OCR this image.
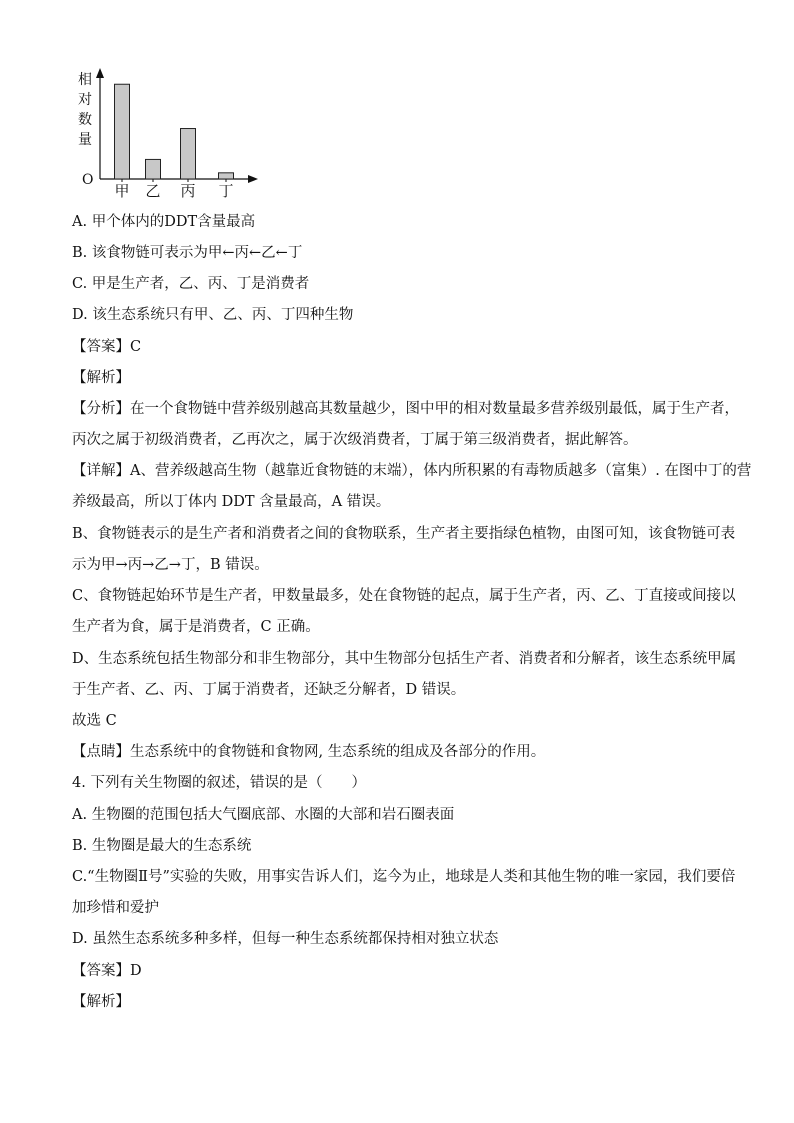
相对数量
O
甲	乙	丙	丁
A. 甲个体内的DDT含量最高
B. 该食物链可表示为甲←丙←乙←丁
C. 甲是生产者，乙、丙、丁是消费者
D. 该生态系统只有甲、乙、丙、丁四种生物
【答案】C
【解析】
【分析】在一个食物链中营养级别越高其数量越少，图中甲的相对数量最多营养级别最低，属于生产者，
丙次之属于初级消费者，乙再次之，属于次级消费者，丁属于第三级消费者，据此解答。
【详解】A、营养级越高生物（越靠近食物链的末端），体内所积累的有毒物质越多（富集）. 在图中丁的营
养级最高，所以丁体内 DDT 含量最高，A 错误。
B、食物链表示的是生产者和消费者之间的食物联系，生产者主要指绿色植物，由图可知，该食物链可表
示为甲→丙→乙→丁，B 错误。
C、食物链起始环节是生产者，甲数量最多，处在食物链的起点，属于生产者，丙、乙、丁直接或间接以
生产者为食，属于是消费者，C 正确。
D、生态系统包括生物部分和非生物部分，其中生物部分包括生产者、消费者和分解者，该生态系统甲属
于生产者、乙、丙、丁属于消费者，还缺乏分解者，D 错误。
故选 C
【点睛】生态系统中的食物链和食物网, 生态系统的组成及各部分的作用。
4. 下列有关生物圈的叙述，错误的是（　　）
A. 生物圈的范围包括大气圈底部、水圈的大部和岩石圈表面
B. 生物圈是最大的生态系统
C.“生物圈Ⅱ号”实验的失败，用事实告诉人们，迄今为止，地球是人类和其他生物的唯一家园，我们要倍
加珍惜和爱护
D. 虽然生态系统多种多样，但每一种生态系统都保持相对独立状态
【答案】D
【解析】
